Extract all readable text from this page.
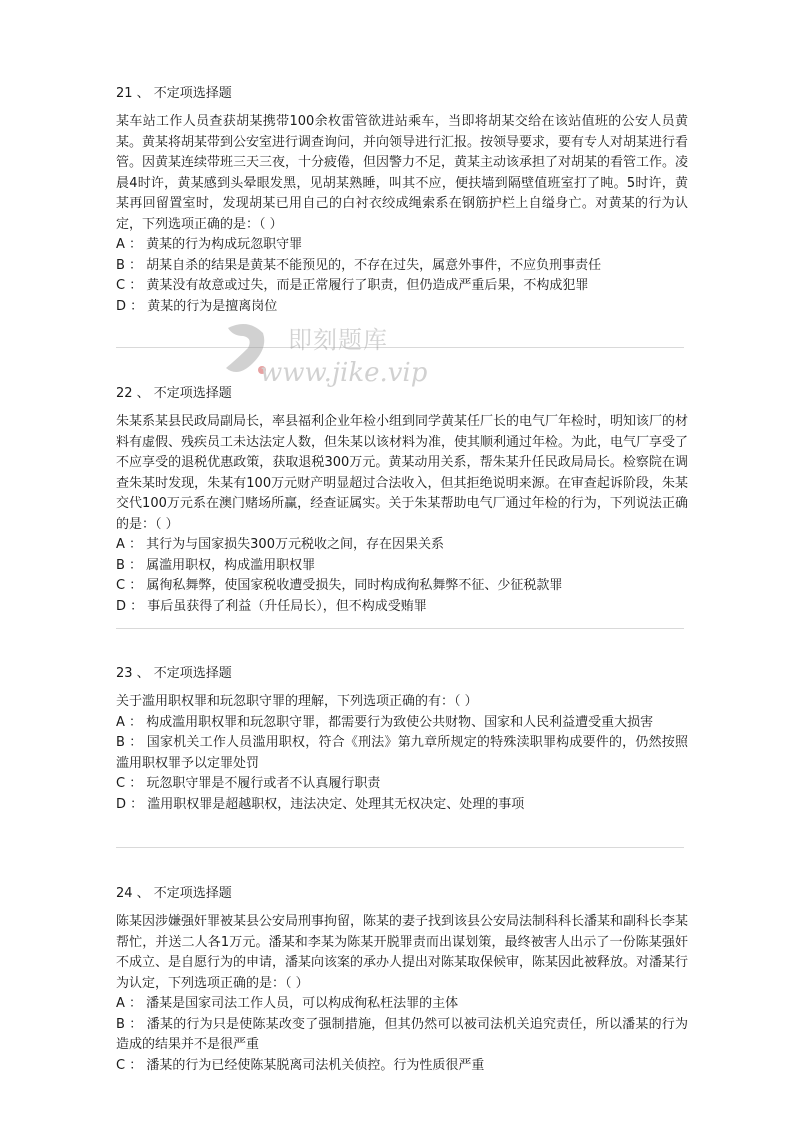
21 、 不定项选择题

某车站工作人员查获胡某携带100余枚雷管欲进站乘车，当即将胡某交给在该站值班的公安人员黄某。黄某将胡某带到公安室进行调查询问，并向领导进行汇报。按领导要求，要有专人对胡某进行看管。因黄某连续带班三天三夜，十分疲倦，但因警力不足，黄某主动该承担了对胡某的看管工作。凌晨4时许，黄某感到头晕眼发黑，见胡某熟睡，叫其不应，便扶墙到隔壁值班室打了盹。5时许，黄某再回留置室时，发现胡某已用自己的白衬衣绞成绳索系在钢筋护栏上自缢身亡。对黄某的行为认定，下列选项正确的是：（ ）

A ： 黄某的行为构成玩忽职守罪

B ： 胡某自杀的结果是黄某不能预见的，不存在过失，属意外事件，不应负刑事责任

C ： 黄某没有故意或过失，而是正常履行了职责，但仍造成严重后果，不构成犯罪

D ： 黄某的行为是擅离岗位

22 、 不定项选择题

朱某系某县民政局副局长，率县福利企业年检小组到同学黄某任厂长的电气厂年检时，明知该厂的材料有虚假、残疾员工未达法定人数，但朱某以该材料为准，使其顺利通过年检。为此，电气厂享受了不应享受的退税优惠政策，获取退税300万元。黄某动用关系，帮朱某升任民政局局长。检察院在调查朱某时发现，朱某有100万元财产明显超过合法收入，但其拒绝说明来源。在审查起诉阶段，朱某交代100万元系在澳门赌场所赢，经查证属实。关于朱某帮助电气厂通过年检的行为，下列说法正确的是：（ ）

A ： 其行为与国家损失300万元税收之间，存在因果关系

B ： 属滥用职权，构成滥用职权罪

C ： 属徇私舞弊，使国家税收遭受损失，同时构成徇私舞弊不征、少征税款罪

D ： 事后虽获得了利益（升任局长），但不构成受贿罪

23 、 不定项选择题

关于滥用职权罪和玩忽职守罪的理解，下列选项正确的有：（ ）

A ： 构成滥用职权罪和玩忽职守罪，都需要行为致使公共财物、国家和人民利益遭受重大损害

B ： 国家机关工作人员滥用职权，符合《刑法》第九章所规定的特殊渎职罪构成要件的，仍然按照滥用职权罪予以定罪处罚

C ： 玩忽职守罪是不履行或者不认真履行职责

D ： 滥用职权罪是超越职权，违法决定、处理其无权决定、处理的事项

24 、 不定项选择题

陈某因涉嫌强奸罪被某县公安局刑事拘留，陈某的妻子找到该县公安局法制科科长潘某和副科长李某帮忙，并送二人各1万元。潘某和李某为陈某开脱罪责而出谋划策，最终被害人出示了一份陈某强奸不成立、是自愿行为的申请，潘某向该案的承办人提出对陈某取保候审，陈某因此被释放。对潘某行为认定，下列选项正确的是：（ ）

A ： 潘某是国家司法工作人员，可以构成徇私枉法罪的主体

B ： 潘某的行为只是使陈某改变了强制措施，但其仍然可以被司法机关追究责任，所以潘某的行为造成的结果并不是很严重

C ： 潘某的行为已经使陈某脱离司法机关侦控。行为性质很严重

即刻题库
www.jike.vip
